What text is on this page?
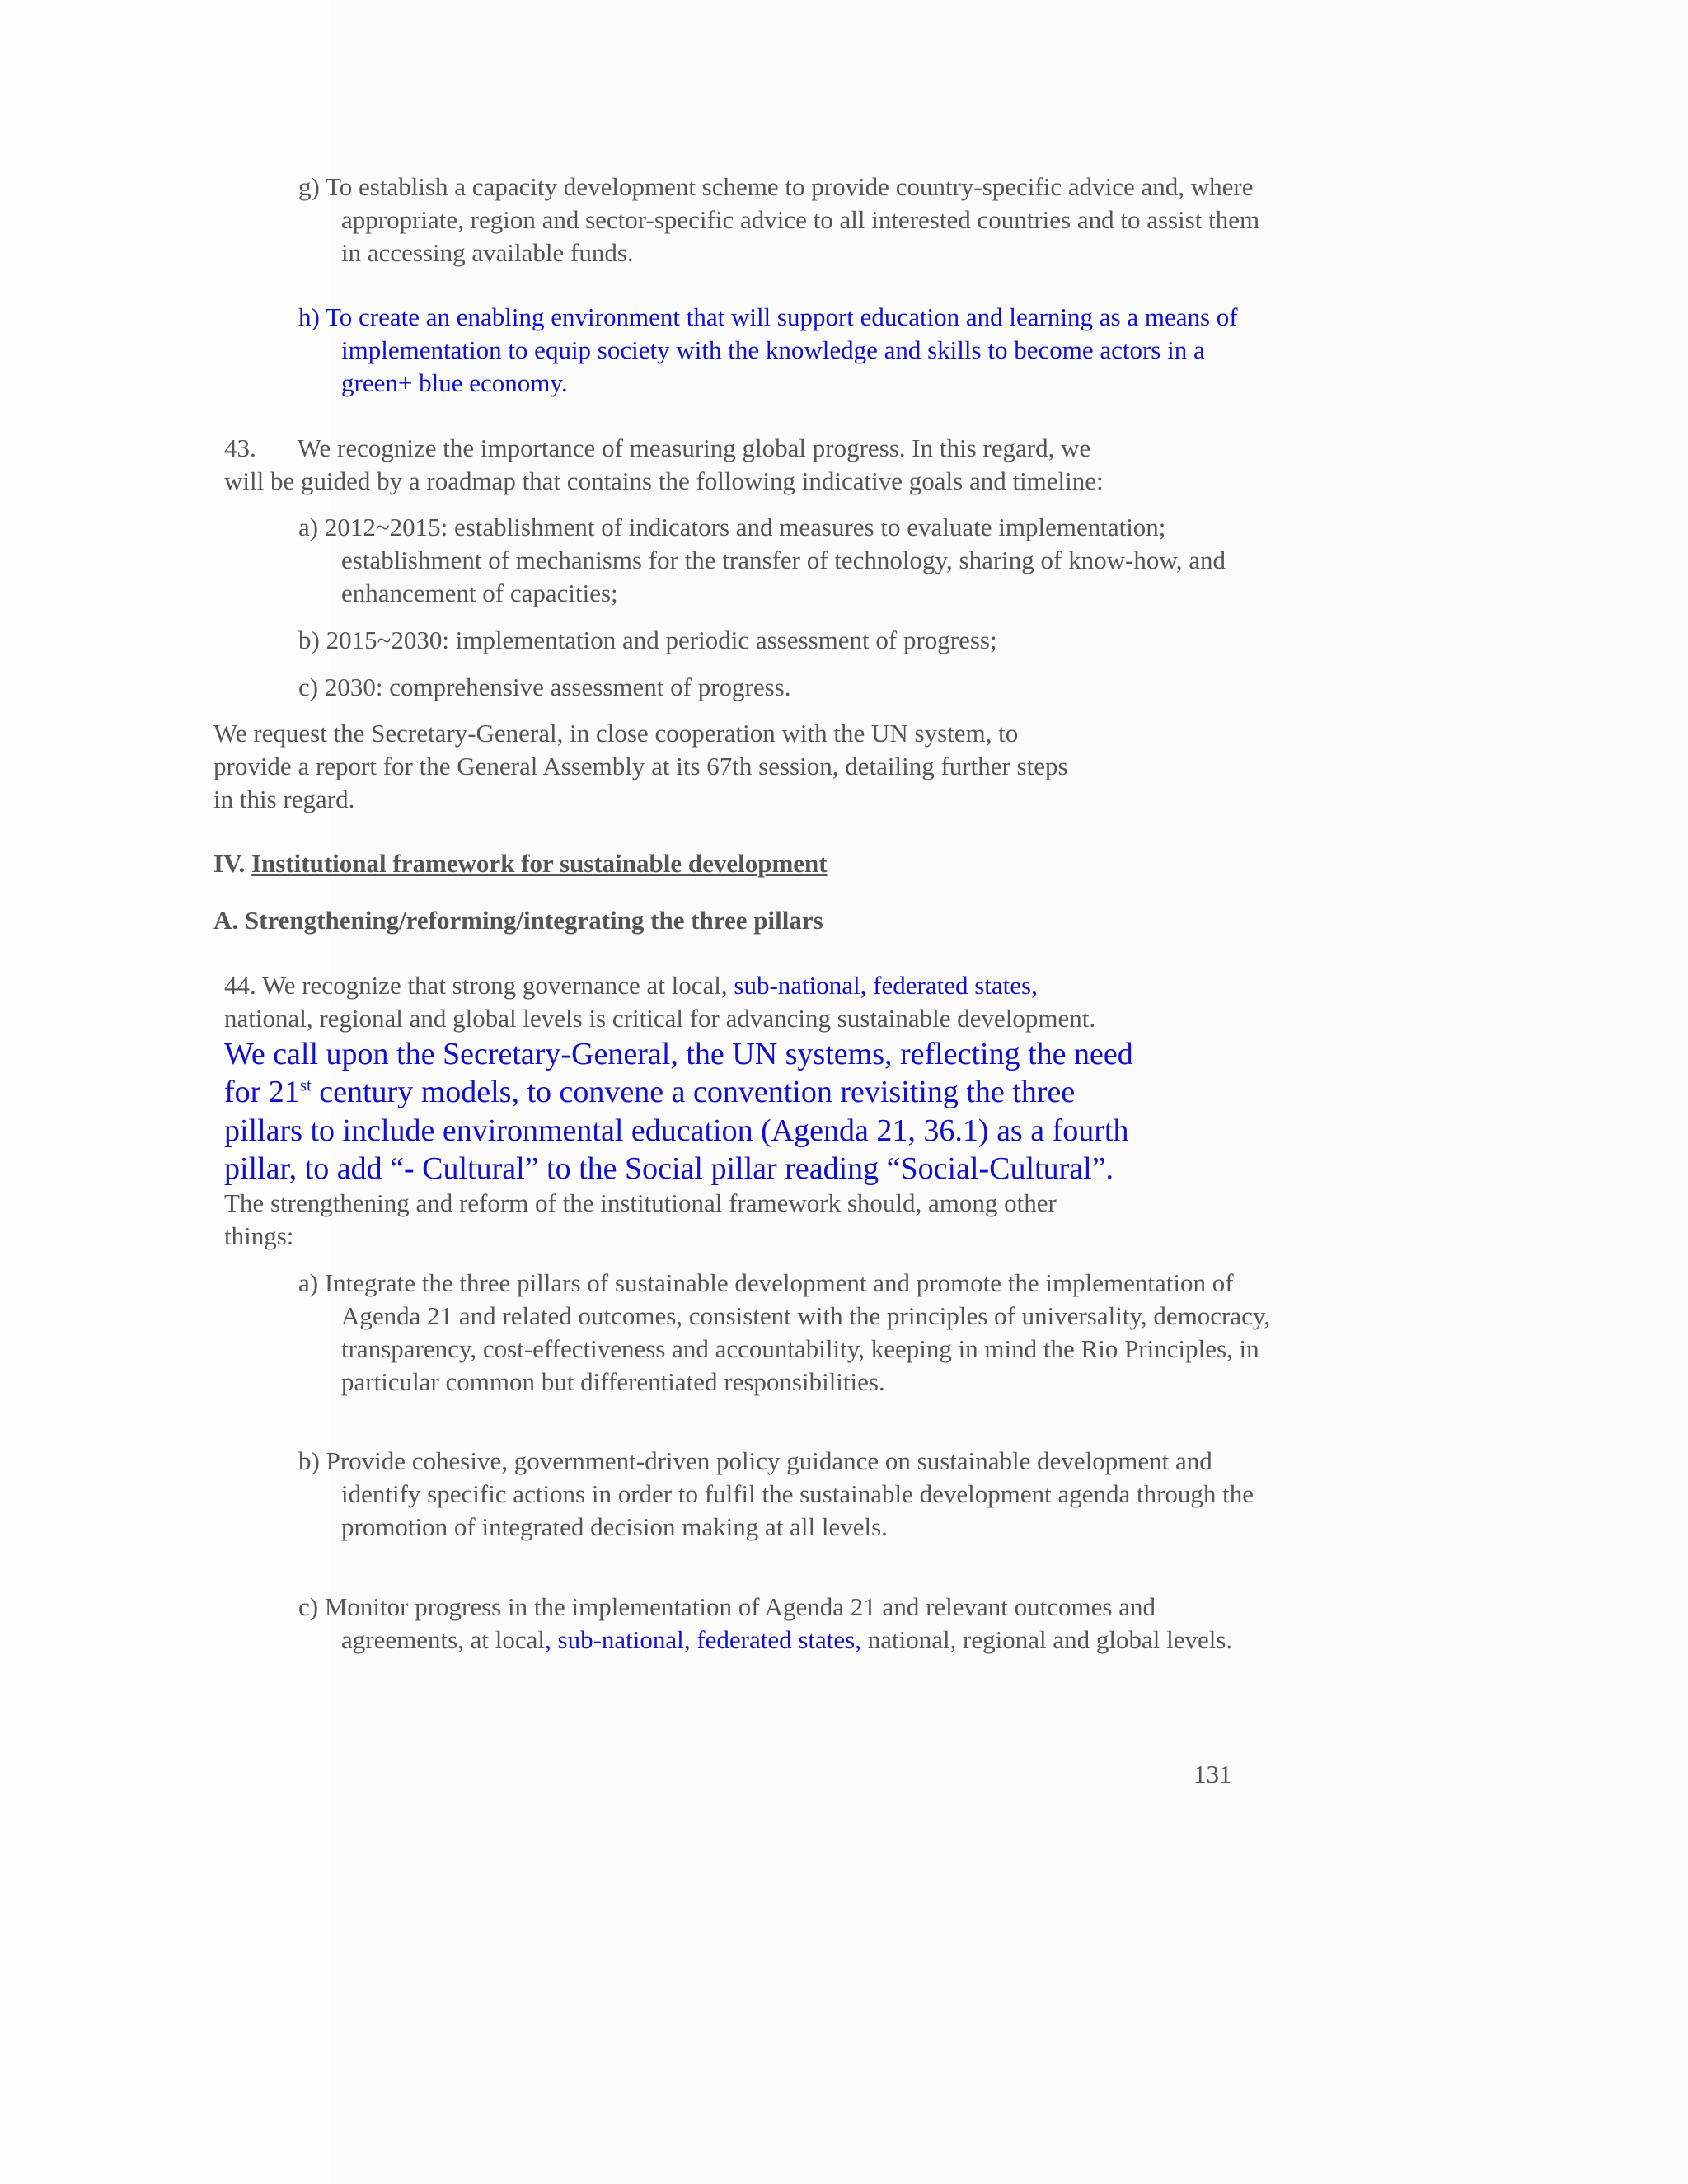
g) To establish a capacity development scheme to provide country-specific advice and, where appropriate, region and sector-specific advice to all interested countries and to assist them in accessing available funds.

h) To create an enabling environment that will support education and learning as a means of implementation to equip society with the knowledge and skills to become actors in a green+ blue economy.

43. We recognize the importance of measuring global progress. In this regard, we

will be guided by a roadmap that contains the following indicative goals and timeline:

a) 2012~2015: establishment of indicators and measures to evaluate implementation; establishment of mechanisms for the transfer of technology, sharing of know-how, and enhancement of capacities;

b) 2015~2030: implementation and periodic assessment of progress;

c) 2030: comprehensive assessment of progress.

We request the Secretary-General, in close cooperation with the UN system, to

provide a report for the General Assembly at its 67th session, detailing further steps

in this regard.

IV. Institutional framework for sustainable development

A. Strengthening/reforming/integrating the three pillars

44. We recognize that strong governance at local, sub-national, federated states,

national, regional and global levels is critical for advancing sustainable development.

We call upon the Secretary-General, the UN systems, reflecting the need

for 21st century models, to convene a convention revisiting the three

pillars to include environmental education (Agenda 21, 36.1) as a fourth

pillar, to add “- Cultural” to the Social pillar reading “Social-Cultural”.

The strengthening and reform of the institutional framework should, among other

things:

a) Integrate the three pillars of sustainable development and promote the implementation of Agenda 21 and related outcomes, consistent with the principles of universality, democracy, transparency, cost-effectiveness and accountability, keeping in mind the Rio Principles, in particular common but differentiated responsibilities.

b) Provide cohesive, government-driven policy guidance on sustainable development and identify specific actions in order to fulfil the sustainable development agenda through the promotion of integrated decision making at all levels.

c) Monitor progress in the implementation of Agenda 21 and relevant outcomes and agreements, at local, sub-national, federated states, national, regional and global levels.

131
